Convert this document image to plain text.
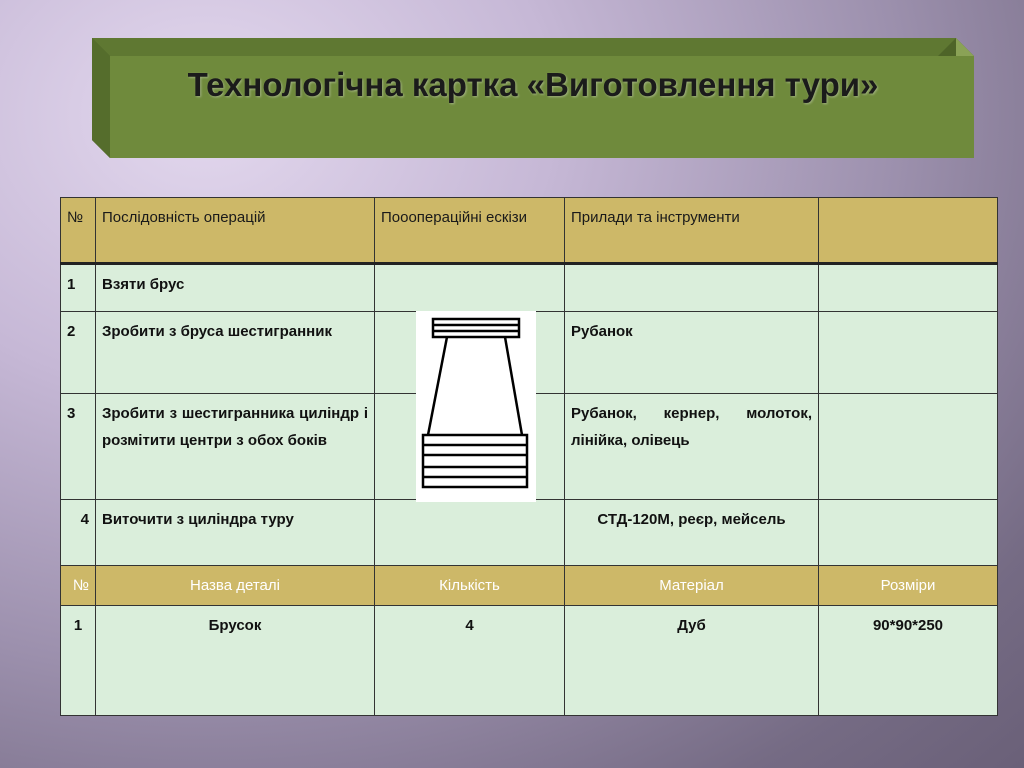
Технологічна картка «Виготовлення тури»
№	Послідовність операцій	Пооопераційні ескізи	Прилади та інструменти	
1	Взяти брус			
2	Зробити з бруса шестигранник		Рубанок	
3	Зробити з шестигранника циліндр і розмітити центри з обох боків		Рубанок, кернер, молоток, лінійка, олівець	
4	Виточити з циліндра туру		СТД-120М, реєр, мейсель	
№	Назва деталі	Кількість	Матеріал	Розміри
1	Брусок	4	Дуб	90*90*250
